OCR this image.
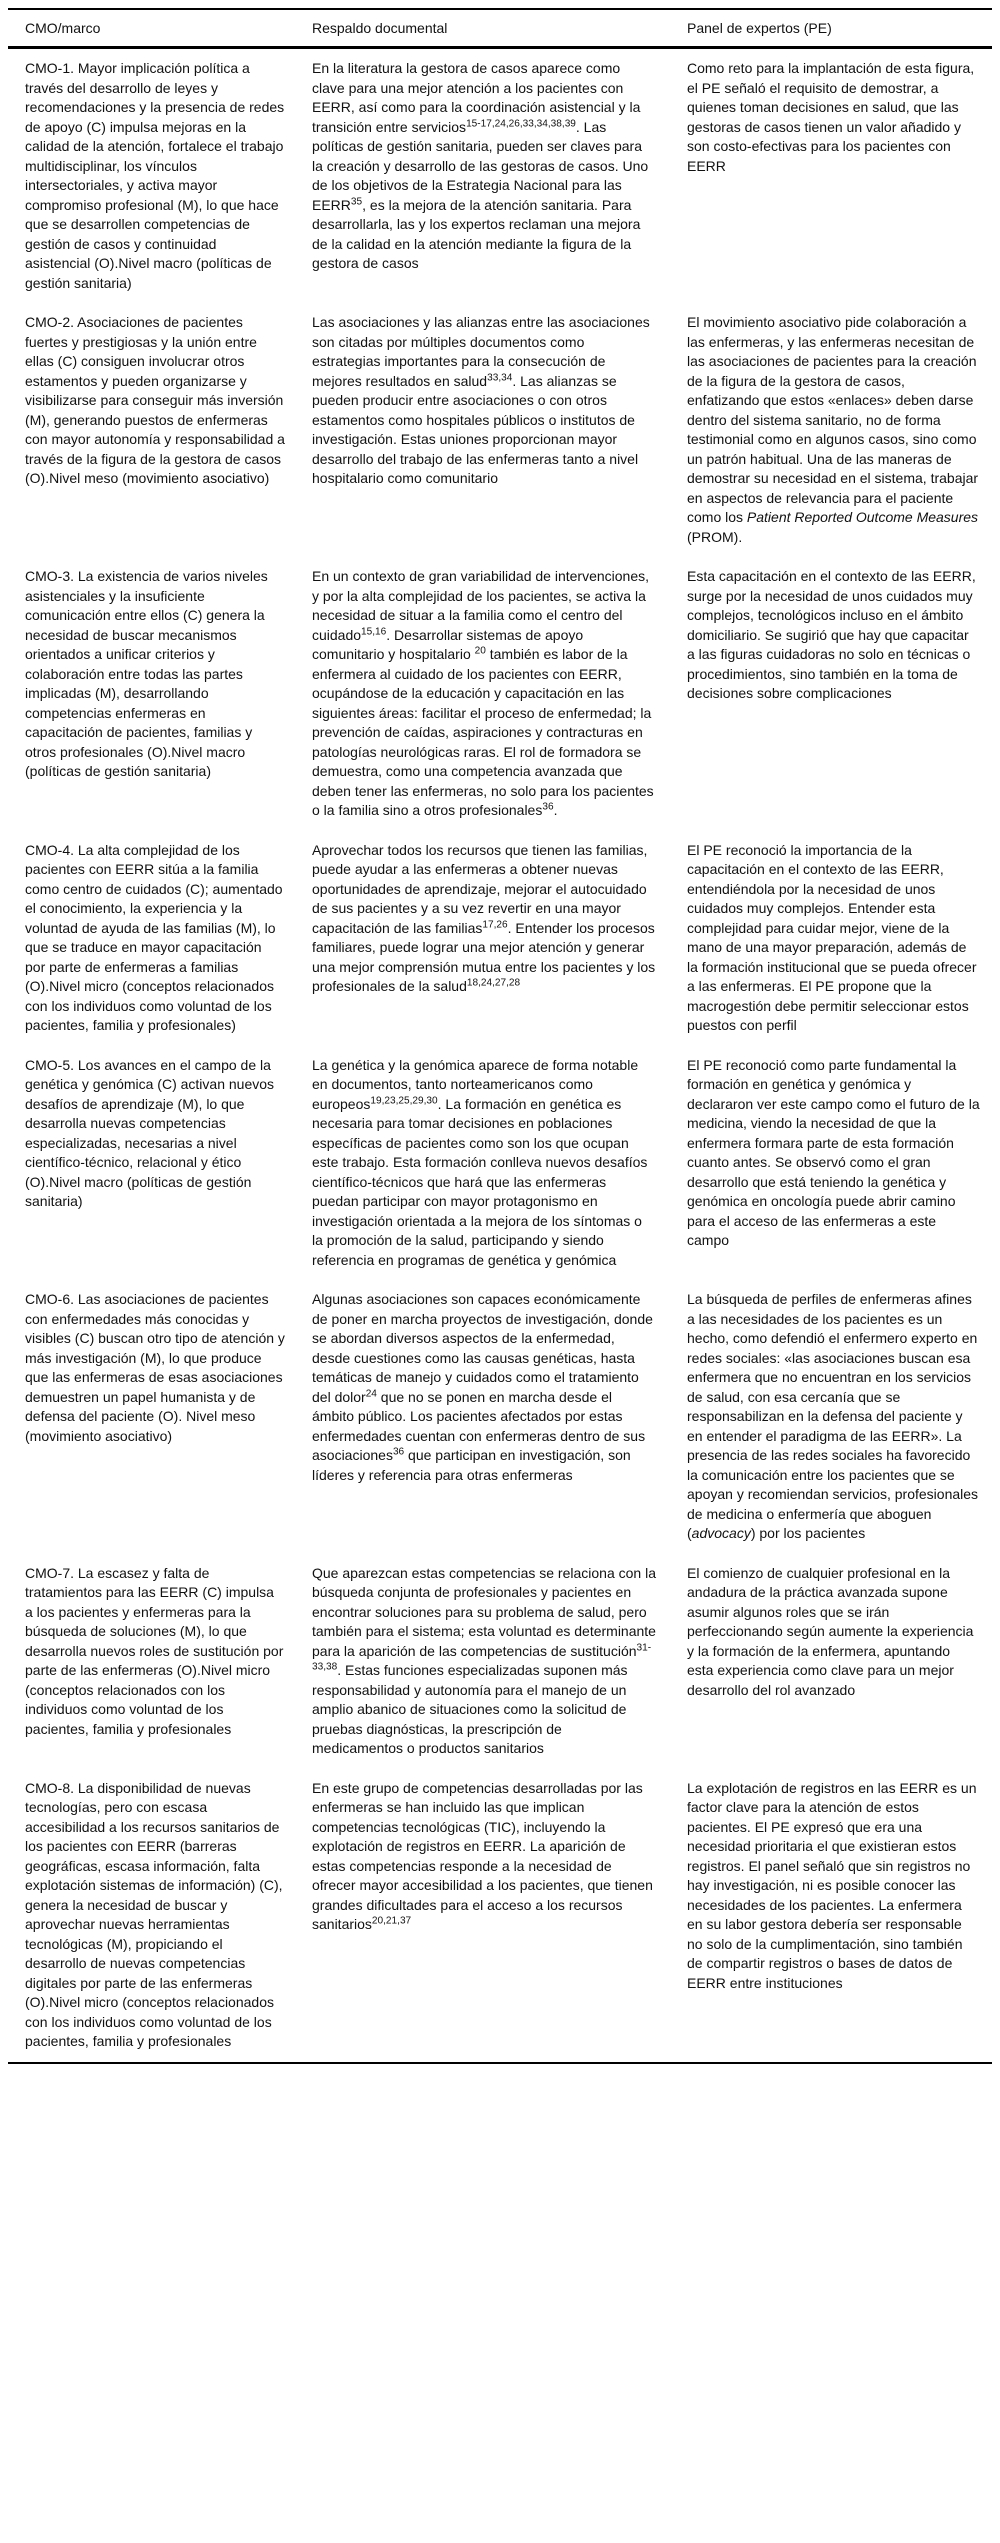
CMO/marco	Respaldo documental	Panel de expertos (PE)
CMO-1. Mayor implicación política a través del desarrollo de leyes y recomendaciones y la presencia de redes de apoyo (C) impulsa mejoras en la calidad de la atención, fortalece el trabajo multidisciplinar, los vínculos intersectoriales, y activa mayor compromiso profesional (M), lo que hace que se desarrollen competencias de gestión de casos y continuidad asistencial (O).Nivel macro (políticas de gestión sanitaria)	En la literatura la gestora de casos aparece como clave para una mejor atención a los pacientes con EERR, así como para la coordinación asistencial y la transición entre servicios$^{15-17,24,26,33,34,38,39}$. Las políticas de gestión sanitaria, pueden ser claves para la creación y desarrollo de las gestoras de casos. Uno de los objetivos de la Estrategia Nacional para las EERR$^{35}$, es la mejora de la atención sanitaria. Para desarrollarla, las y los expertos reclaman una mejora de la calidad en la atención mediante la figura de la gestora de casos	Como reto para la implantación de esta figura, el PE señaló el requisito de demostrar, a quienes toman decisiones en salud, que las gestoras de casos tienen un valor añadido y son costo-efectivas para los pacientes con EERR
CMO-2. Asociaciones de pacientes fuertes y prestigiosas y la unión entre ellas (C) consiguen involucrar otros estamentos y pueden organizarse y visibilizarse para conseguir más inversión (M), generando puestos de enfermeras con mayor autonomía y responsabilidad a través de la figura de la gestora de casos (O).Nivel meso (movimiento asociativo)	Las asociaciones y las alianzas entre las asociaciones son citadas por múltiples documentos como estrategias importantes para la consecución de mejores resultados en salud$^{33,34}$. Las alianzas se pueden producir entre asociaciones o con otros estamentos como hospitales públicos o institutos de investigación. Estas uniones proporcionan mayor desarrollo del trabajo de las enfermeras tanto a nivel hospitalario como comunitario	El movimiento asociativo pide colaboración a las enfermeras, y las enfermeras necesitan de las asociaciones de pacientes para la creación de la figura de la gestora de casos, enfatizando que estos «enlaces» deben darse dentro del sistema sanitario, no de forma testimonial como en algunos casos, sino como un patrón habitual. Una de las maneras de demostrar su necesidad en el sistema, trabajar en aspectos de relevancia para el paciente como los Patient Reported Outcome Measures (PROM).
CMO-3. La existencia de varios niveles asistenciales y la insuficiente comunicación entre ellos (C) genera la necesidad de buscar mecanismos orientados a unificar criterios y colaboración entre todas las partes implicadas (M), desarrollando competencias enfermeras en capacitación de pacientes, familias y otros profesionales (O).Nivel macro (políticas de gestión sanitaria)	En un contexto de gran variabilidad de intervenciones, y por la alta complejidad de los pacientes, se activa la necesidad de situar a la familia como el centro del cuidado$^{15,16}$. Desarrollar sistemas de apoyo comunitario y hospitalario $^{20}$ también es labor de la enfermera al cuidado de los pacientes con EERR, ocupándose de la educación y capacitación en las siguientes áreas: facilitar el proceso de enfermedad; la prevención de caídas, aspiraciones y contracturas en patologías neurológicas raras. El rol de formadora se demuestra, como una competencia avanzada que deben tener las enfermeras, no solo para los pacientes o la familia sino a otros profesionales$^{36}$.	Esta capacitación en el contexto de las EERR, surge por la necesidad de unos cuidados muy complejos, tecnológicos incluso en el ámbito domiciliario. Se sugirió que hay que capacitar a las figuras cuidadoras no solo en técnicas o procedimientos, sino también en la toma de decisiones sobre complicaciones
CMO-4. La alta complejidad de los pacientes con EERR sitúa a la familia como centro de cuidados (C); aumentado el conocimiento, la experiencia y la voluntad de ayuda de las familias (M), lo que se traduce en mayor capacitación por parte de enfermeras a familias (O).Nivel micro (conceptos relacionados con los individuos como voluntad de los pacientes, familia y profesionales)	Aprovechar todos los recursos que tienen las familias, puede ayudar a las enfermeras a obtener nuevas oportunidades de aprendizaje, mejorar el autocuidado de sus pacientes y a su vez revertir en una mayor capacitación de las familias$^{17,26}$. Entender los procesos familiares, puede lograr una mejor atención y generar una mejor comprensión mutua entre los pacientes y los profesionales de la salud$^{18,24,27,28}$	El PE reconoció la importancia de la capacitación en el contexto de las EERR, entendiéndola por la necesidad de unos cuidados muy complejos. Entender esta complejidad para cuidar mejor, viene de la mano de una mayor preparación, además de la formación institucional que se pueda ofrecer a las enfermeras. El PE propone que la macrogestión debe permitir seleccionar estos puestos con perfil
CMO-5. Los avances en el campo de la genética y genómica (C) activan nuevos desafíos de aprendizaje (M), lo que desarrolla nuevas competencias especializadas, necesarias a nivel científico-técnico, relacional y ético (O).Nivel macro (políticas de gestión sanitaria)	La genética y la genómica aparece de forma notable en documentos, tanto norteamericanos como europeos$^{19,23,25,29,30}$. La formación en genética es necesaria para tomar decisiones en poblaciones específicas de pacientes como son los que ocupan este trabajo. Esta formación conlleva nuevos desafíos científico-técnicos que hará que las enfermeras puedan participar con mayor protagonismo en investigación orientada a la mejora de los síntomas o la promoción de la salud, participando y siendo referencia en programas de genética y genómica	El PE reconoció como parte fundamental la formación en genética y genómica y declararon ver este campo como el futuro de la medicina, viendo la necesidad de que la enfermera formara parte de esta formación cuanto antes. Se observó como el gran desarrollo que está teniendo la genética y genómica en oncología puede abrir camino para el acceso de las enfermeras a este campo
CMO-6. Las asociaciones de pacientes con enfermedades más conocidas y visibles (C) buscan otro tipo de atención y más investigación (M), lo que produce que las enfermeras de esas asociaciones demuestren un papel humanista y de defensa del paciente (O). Nivel meso (movimiento asociativo)	Algunas asociaciones son capaces económicamente de poner en marcha proyectos de investigación, donde se abordan diversos aspectos de la enfermedad, desde cuestiones como las causas genéticas, hasta temáticas de manejo y cuidados como el tratamiento del dolor$^{24}$ que no se ponen en marcha desde el ámbito público. Los pacientes afectados por estas enfermedades cuentan con enfermeras dentro de sus asociaciones$^{36}$ que participan en investigación, son líderes y referencia para otras enfermeras	La búsqueda de perfiles de enfermeras afines a las necesidades de los pacientes es un hecho, como defendió el enfermero experto en redes sociales: «las asociaciones buscan esa enfermera que no encuentran en los servicios de salud, con esa cercanía que se responsabilizan en la defensa del paciente y en entender el paradigma de las EERR». La presencia de las redes sociales ha favorecido la comunicación entre los pacientes que se apoyan y recomiendan servicios, profesionales de medicina o enfermería que aboguen (advocacy) por los pacientes
CMO-7. La escasez y falta de tratamientos para las EERR (C) impulsa a los pacientes y enfermeras para la búsqueda de soluciones (M), lo que desarrolla nuevos roles de sustitución por parte de las enfermeras (O).Nivel micro (conceptos relacionados con los individuos como voluntad de los pacientes, familia y profesionales	Que aparezcan estas competencias se relaciona con la búsqueda conjunta de profesionales y pacientes en encontrar soluciones para su problema de salud, pero también para el sistema; esta voluntad es determinante para la aparición de las competencias de sustitución$^{31-33,38}$. Estas funciones especializadas suponen más responsabilidad y autonomía para el manejo de un amplio abanico de situaciones como la solicitud de pruebas diagnósticas, la prescripción de medicamentos o productos sanitarios	El comienzo de cualquier profesional en la andadura de la práctica avanzada supone asumir algunos roles que se irán perfeccionando según aumente la experiencia y la formación de la enfermera, apuntando esta experiencia como clave para un mejor desarrollo del rol avanzado
CMO-8. La disponibilidad de nuevas tecnologías, pero con escasa accesibilidad a los recursos sanitarios de los pacientes con EERR (barreras geográficas, escasa información, falta explotación sistemas de información) (C), genera la necesidad de buscar y aprovechar nuevas herramientas tecnológicas (M), propiciando el desarrollo de nuevas competencias digitales por parte de las enfermeras (O).Nivel micro (conceptos relacionados con los individuos como voluntad de los pacientes, familia y profesionales	En este grupo de competencias desarrolladas por las enfermeras se han incluido las que implican competencias tecnológicas (TIC), incluyendo la explotación de registros en EERR. La aparición de estas competencias responde a la necesidad de ofrecer mayor accesibilidad a los pacientes, que tienen grandes dificultades para el acceso a los recursos sanitarios$^{20,21,37}$	La explotación de registros en las EERR es un factor clave para la atención de estos pacientes. El PE expresó que era una necesidad prioritaria el que existieran estos registros. El panel señaló que sin registros no hay investigación, ni es posible conocer las necesidades de los pacientes. La enfermera en su labor gestora debería ser responsable no solo de la cumplimentación, sino también de compartir registros o bases de datos de EERR entre instituciones
